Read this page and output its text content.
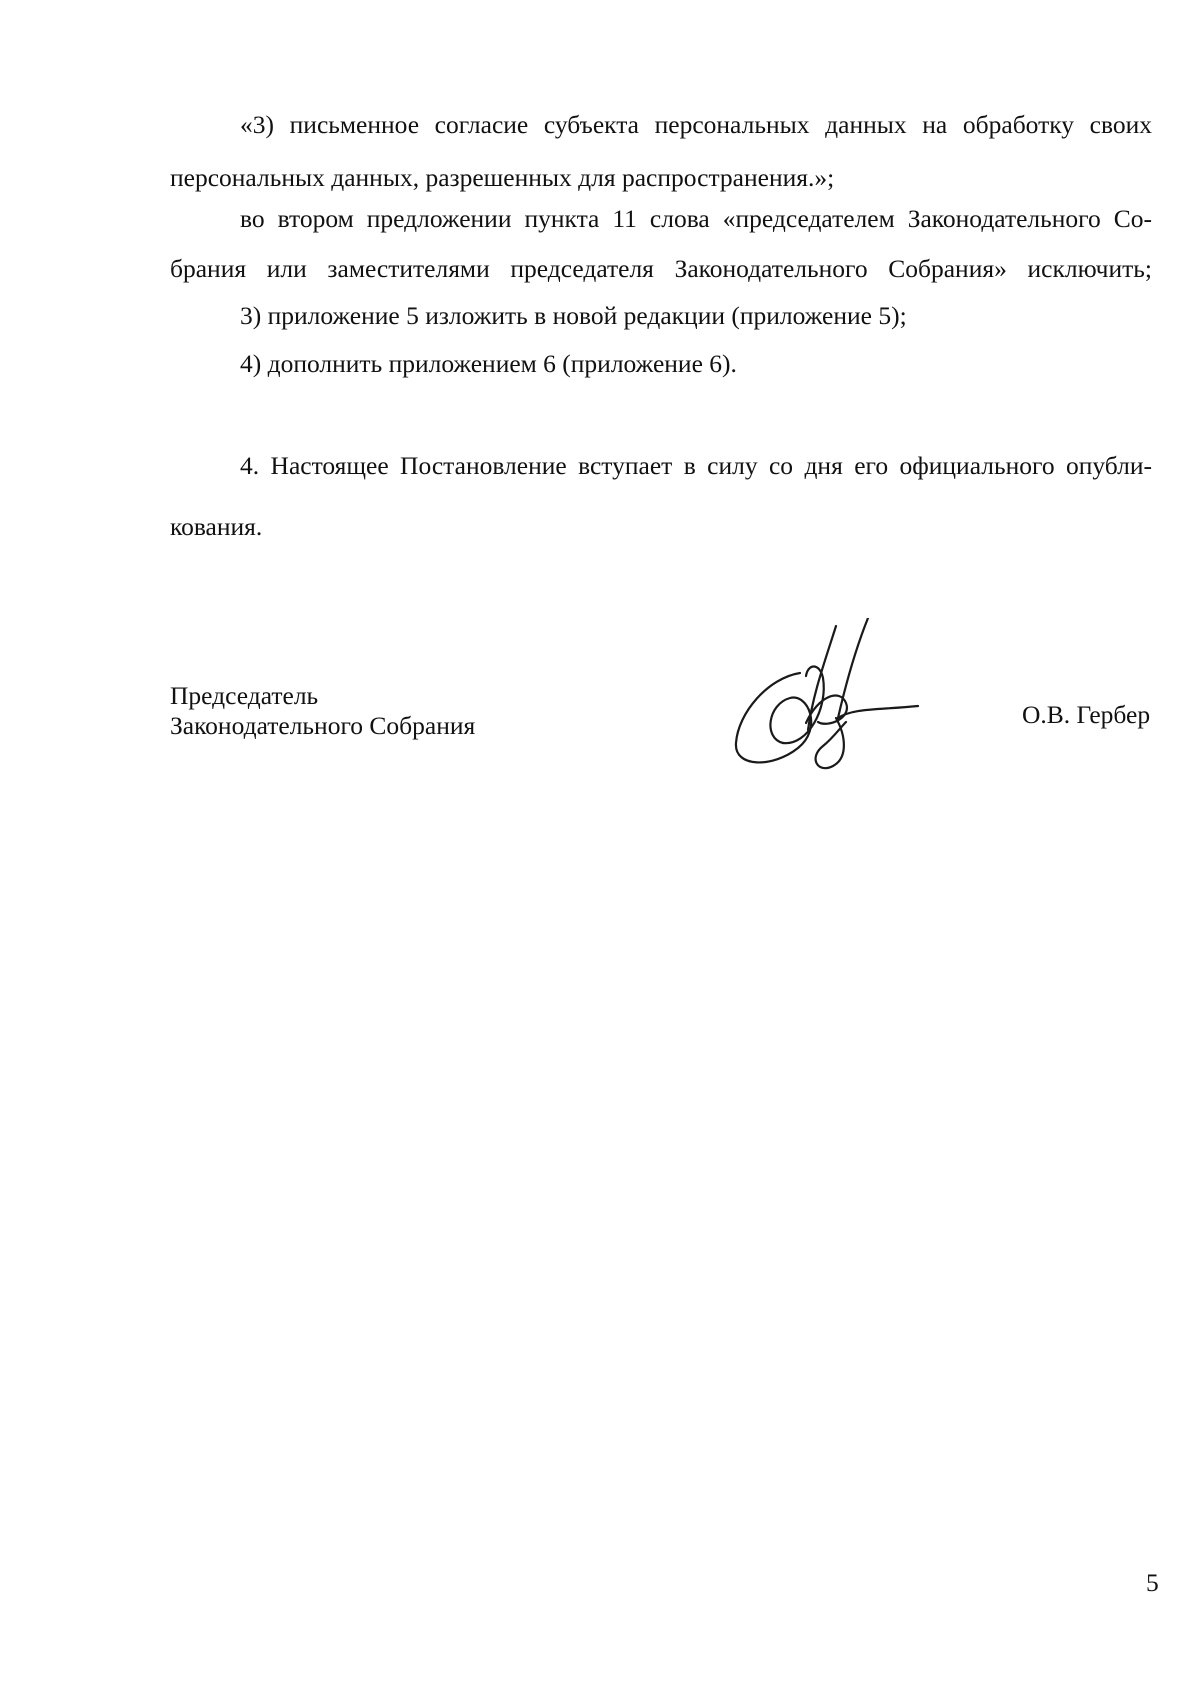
«3) письменное согласие субъекта персональных данных на обработку своих
персональных данных, разрешенных для распространения.»;
во втором предложении пункта 11 слова «председателем Законодательного Со-
брания или заместителями председателя Законодательного Собрания» исключить;
3) приложение 5 изложить в новой редакции (приложение 5);
4) дополнить приложением 6 (приложение 6).
4. Настоящее Постановление вступает в силу со дня его официального опубли-
кования.
Председатель
Законодательного Собрания	О.В. Гербер
5
